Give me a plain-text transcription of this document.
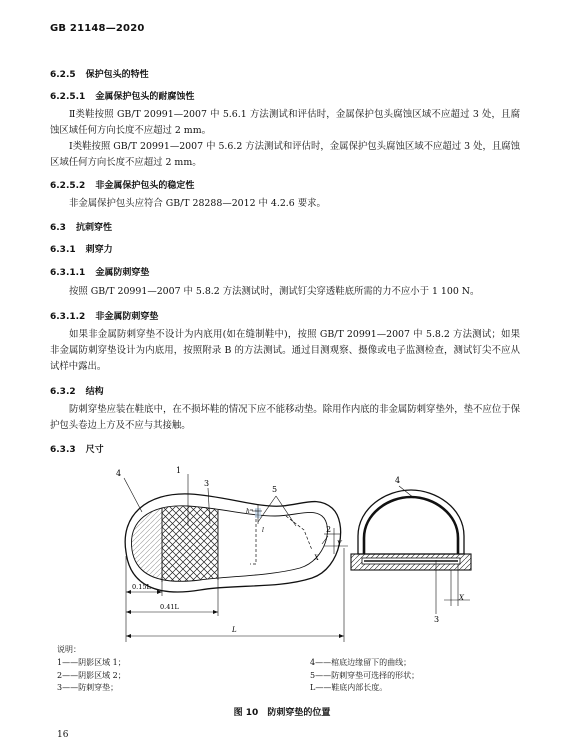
GB 21148—2020
6.2.5 保护包头的特性
6.2.5.1 金属保护包头的耐腐蚀性
Ⅱ类鞋按照 GB/T 20991—2007 中 5.6.1 方法测试和评估时，金属保护包头腐蚀区域不应超过 3 处，且腐蚀区域任何方向长度不应超过 2 mm。
Ⅰ类鞋按照 GB/T 20991—2007 中 5.6.2 方法测试和评估时，金属保护包头腐蚀区域不应超过 3 处，且腐蚀区域任何方向长度不应超过 2 mm。
6.2.5.2 非金属保护包头的稳定性
非金属保护包头应符合 GB/T 28288—2012 中 4.2.6 要求。
6.3 抗刺穿性
6.3.1 刺穿力
6.3.1.1 金属防刺穿垫
按照 GB/T 20991—2007 中 5.8.2 方法测试时，测试钉尖穿透鞋底所需的力不应小于 1 100 N。
6.3.1.2 非金属防刺穿垫
如果非金属防刺穿垫不设计为内底用(如在缝制鞋中)，按照 GB/T 20991—2007 中 5.8.2 方法测试；如果非金属防刺穿垫设计为内底用，按照附录 B 的方法测试。通过目测观察、摄像或电子监测检查，测试钉尖不应从试样中露出。
6.3.2 结构
防刺穿垫应装在鞋底中，在不损坏鞋的情况下应不能移动垫。除用作内底的非金属防刺穿垫外，垫不应位于保护包头卷边上方及不应与其接触。
6.3.3 尺寸
h
l
1
3
4
5
2
Y
X
0.15L
0.41L
L
4
3
X
说明：
1——阴影区域 1；
2——阴影区域 2；
3——防刺穿垫；
4——棺底边缘留下的曲线；
5——防刺穿垫可选择的形状；
L——鞋底内部长度。
图 10　防刺穿垫的位置
16
